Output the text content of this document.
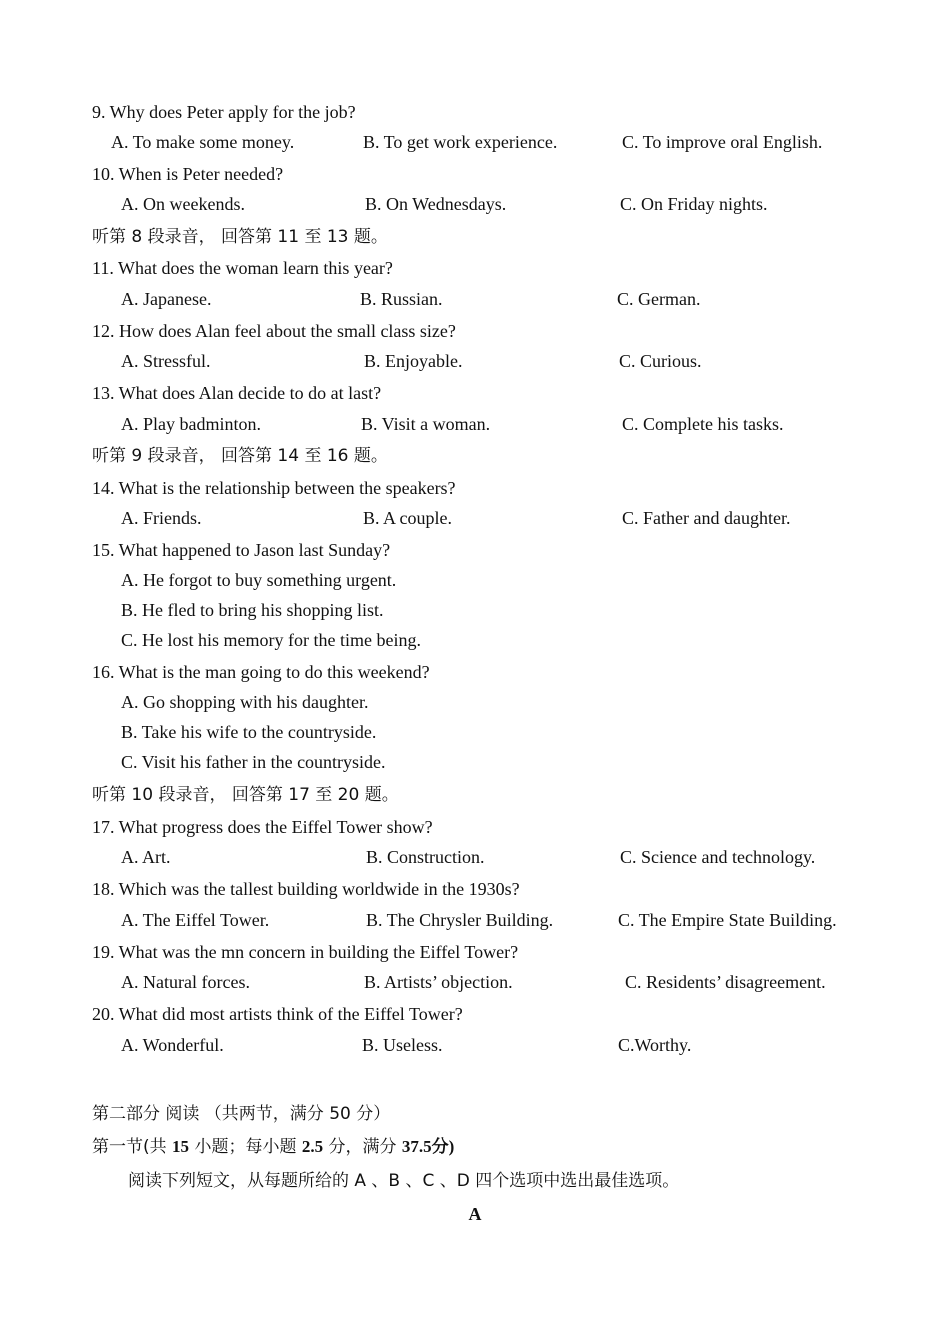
9. Why does Peter apply for the job?
A. To make some money.	B. To get work experience.	C. To improve oral English.
10. When is Peter needed?
A. On weekends.	B. On Wednesdays.	C. On Friday nights.
听第 8 段录音， 回答第 11 至 13 题。
11. What does the woman learn this year?
A. Japanese.	B. Russian.	C. German.
12. How does Alan feel about the small class size?
A. Stressful.	B. Enjoyable.	C. Curious.
13. What does Alan decide to do at last?
A. Play badminton.	B. Visit a woman.	C. Complete his tasks.
听第 9 段录音， 回答第 14 至 16 题。
14. What is the relationship between the speakers?
A. Friends.	B. A couple.	C. Father and daughter.
15. What happened to Jason last Sunday?
A. He forgot to buy something urgent.
B. He fled to bring his shopping list.
C. He lost his memory for the time being.
16. What is the man going to do this weekend?
A. Go shopping with his daughter.
B. Take his wife to the countryside.
C. Visit his father in the countryside.
听第 10 段录音， 回答第 17 至 20 题。
17. What progress does the Eiffel Tower show?
A. Art.	B. Construction.	C. Science and technology.
18. Which was the tallest building worldwide in the 1930s?
A. The Eiffel Tower.	B. The Chrysler Building.	C. The Empire State Building.
19. What was the mn concern in building the Eiffel Tower?
A. Natural forces.	B. Artists’ objection.	C. Residents’ disagreement.
20. What did most artists think of the Eiffel Tower?
A. Wonderful.	B. Useless.	C.Worthy.
第二部分 阅读 （共两节，满分 50 分）
第一节(共 15 小题；每小题 2.5 分，满分 37.5分)
阅读下列短文，从每题所给的 A 、B 、C 、D 四个选项中选出最佳选项。
A
